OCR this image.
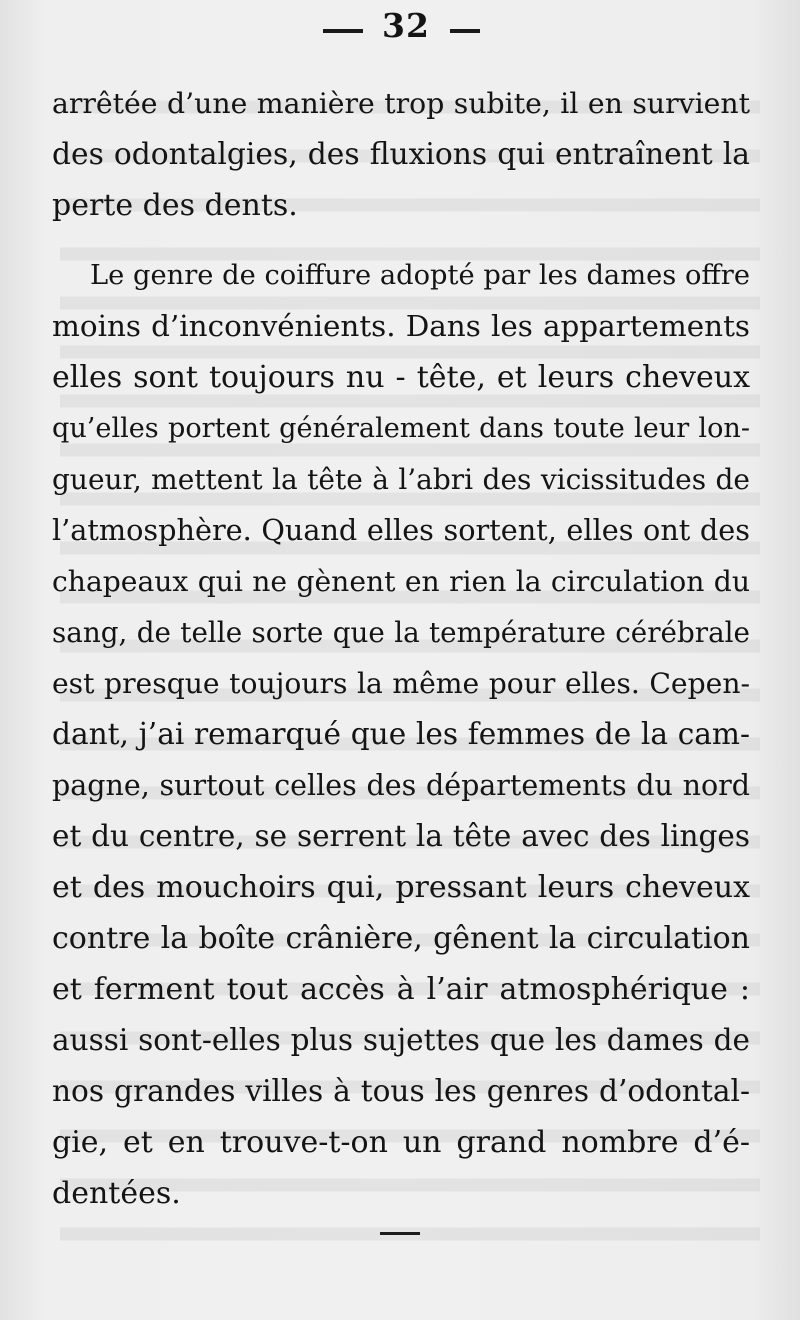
32
arrêtée d’une manière trop subite, il en survient
des odontalgies, des fluxions qui entraînent la
perte des dents.
Le genre de coiffure adopté par les dames offre
moins d’inconvénients. Dans les appartements
elles sont toujours nu - tête, et leurs cheveux
qu’elles portent généralement dans toute leur lon-
gueur, mettent la tête à l’abri des vicissitudes de
l’atmosphère. Quand elles sortent, elles ont des
chapeaux qui ne gènent en rien la circulation du
sang, de telle sorte que la température cérébrale
est presque toujours la même pour elles. Cepen-
dant, j’ai remarqué que les femmes de la cam-
pagne, surtout celles des départements du nord
et du centre, se serrent la tête avec des linges
et des mouchoirs qui, pressant leurs cheveux
contre la boîte crânière, gênent la circulation
et ferment tout accès à l’air atmosphérique :
aussi sont-elles plus sujettes que les dames de
nos grandes villes à tous les genres d’odontal-
gie, et en trouve-t-on un grand nombre d’é-
dentées.
